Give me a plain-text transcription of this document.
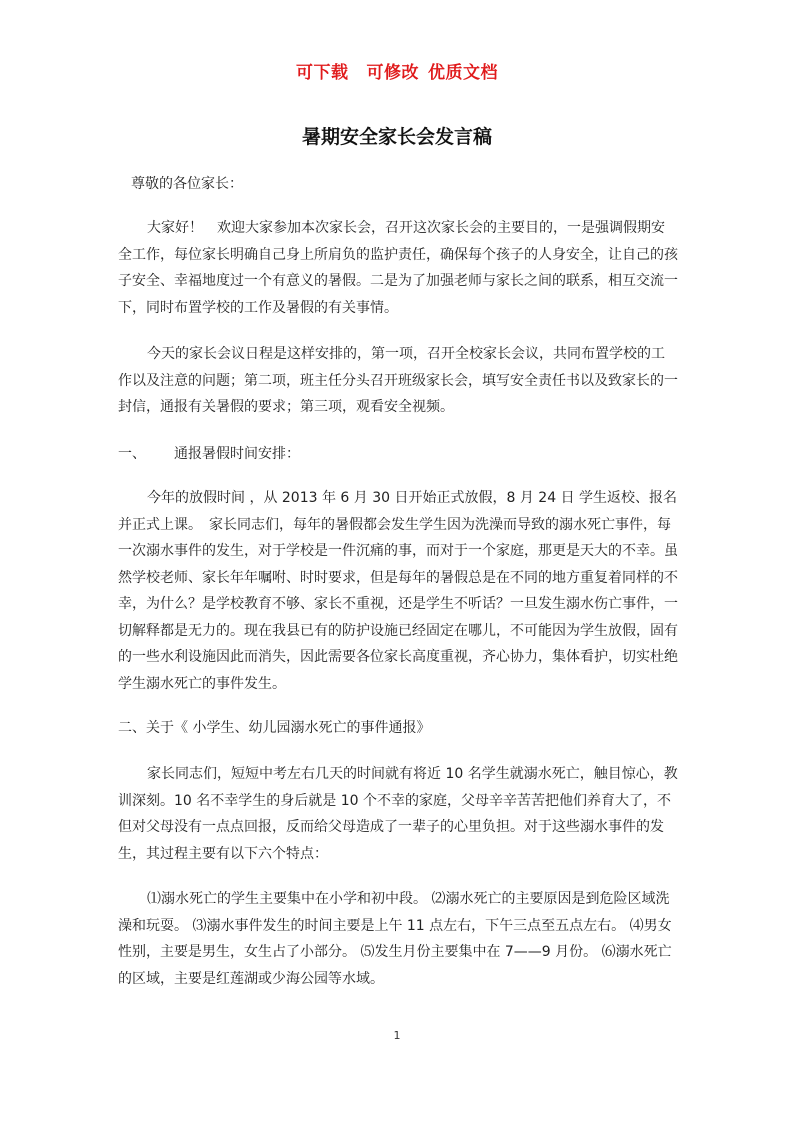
可下载 可修改 优质文档
暑期安全家长会发言稿

尊敬的各位家长：

大家好！　欢迎大家参加本次家长会，召开这次家长会的主要目的，一是强调假期安全工作，每位家长明确自己身上所肩负的监护责任，确保每个孩子的人身安全，让自己的孩子安全、幸福地度过一个有意义的暑假。二是为了加强老师与家长之间的联系，相互交流一下，同时布置学校的工作及暑假的有关事情。

今天的家长会议日程是这样安排的，第一项，召开全校家长会议，共同布置学校的工作以及注意的问题；第二项，班主任分头召开班级家长会，填写安全责任书以及致家长的一封信，通报有关暑假的要求；第三项，观看安全视频。

一、 通报暑假时间安排：

今年的放假时间 ，从 2013 年 6 月 30 日开始正式放假，8 月 24 日 学生返校、报名并正式上课。　家长同志们，每年的暑假都会发生学生因为洗澡而导致的溺水死亡事件，每一次溺水事件的发生，对于学校是一件沉痛的事，而对于一个家庭，那更是天大的不幸。虽然学校老师、家长年年嘱咐、时时要求，但是每年的暑假总是在不同的地方重复着同样的不幸，为什么？是学校教育不够、家长不重视，还是学生不听话？一旦发生溺水伤亡事件，一切解释都是无力的。现在我县已有的防护设施已经固定在哪儿，不可能因为学生放假，固有的一些水利设施因此而消失，因此需要各位家长高度重视，齐心协力，集体看护，切实杜绝学生溺水死亡的事件发生。

二、关于《 小学生、幼儿园溺水死亡的事件通报》

家长同志们，短短中考左右几天的时间就有将近 10 名学生就溺水死亡，触目惊心，教训深刻。10 名不幸学生的身后就是 10 个不幸的家庭，父母辛辛苦苦把他们养育大了，不但对父母没有一点点回报，反而给父母造成了一辈子的心里负担。对于这些溺水事件的发生，其过程主要有以下六个特点：

⑴溺水死亡的学生主要集中在小学和初中段。 ⑵溺水死亡的主要原因是到危险区域洗澡和玩耍。 ⑶溺水事件发生的时间主要是上午 11 点左右，下午三点至五点左右。 ⑷男女性别，主要是男生，女生占了小部分。 ⑸发生月份主要集中在 7——9 月份。 ⑹溺水死亡的区域，主要是红莲湖或少海公园等水域。

1
